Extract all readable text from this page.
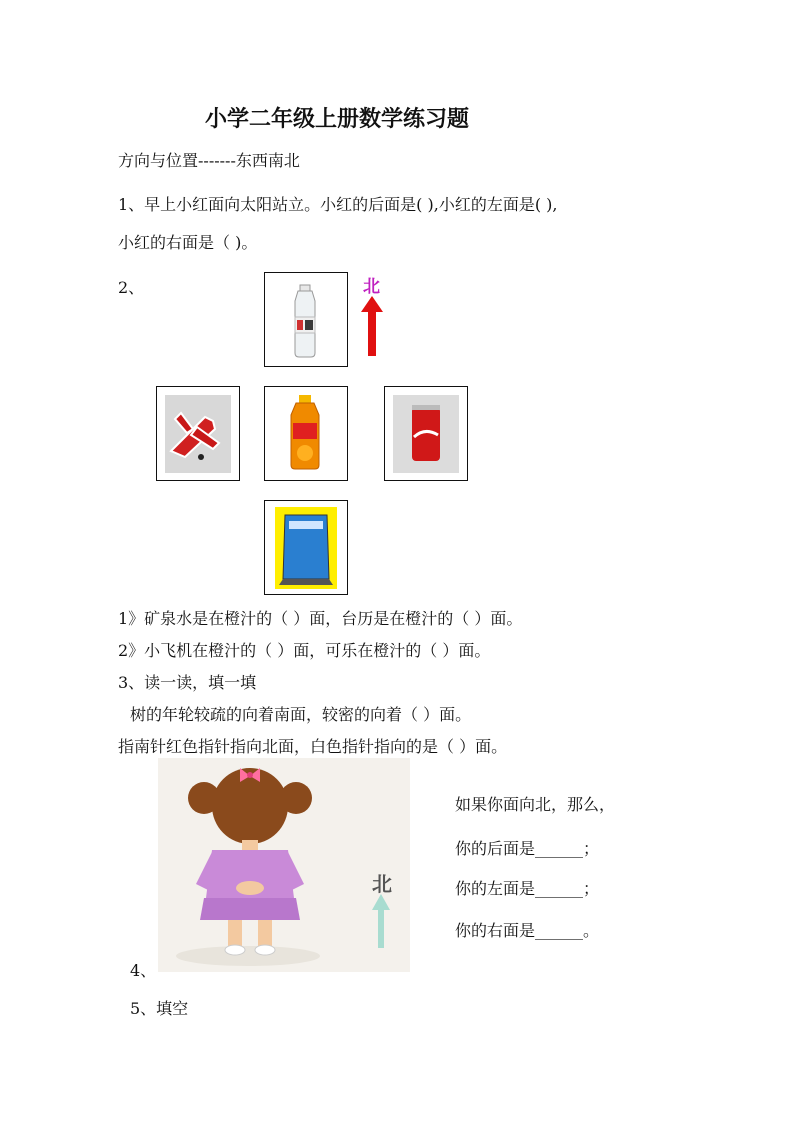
小学二年级上册数学练习题
方向与位置-------东西南北
1、早上小红面向太阳站立。小红的后面是( ),小红的左面是( ),
小红的右面是（ )。
2、	北
1》矿泉水是在橙汁的（ ）面，台历是在橙汁的（ ）面。
2》小飞机在橙汁的（ ）面，可乐在橙汁的（ ）面。
3、读一读，填一填
树的年轮较疏的向着南面，较密的向着（ ）面。
指南针红色指针指向北面，白色指针指向的是（ ）面。
北
如果你面向北，那么，
你的后面是______；
你的左面是______；
你的右面是______。
4、
5、填空
